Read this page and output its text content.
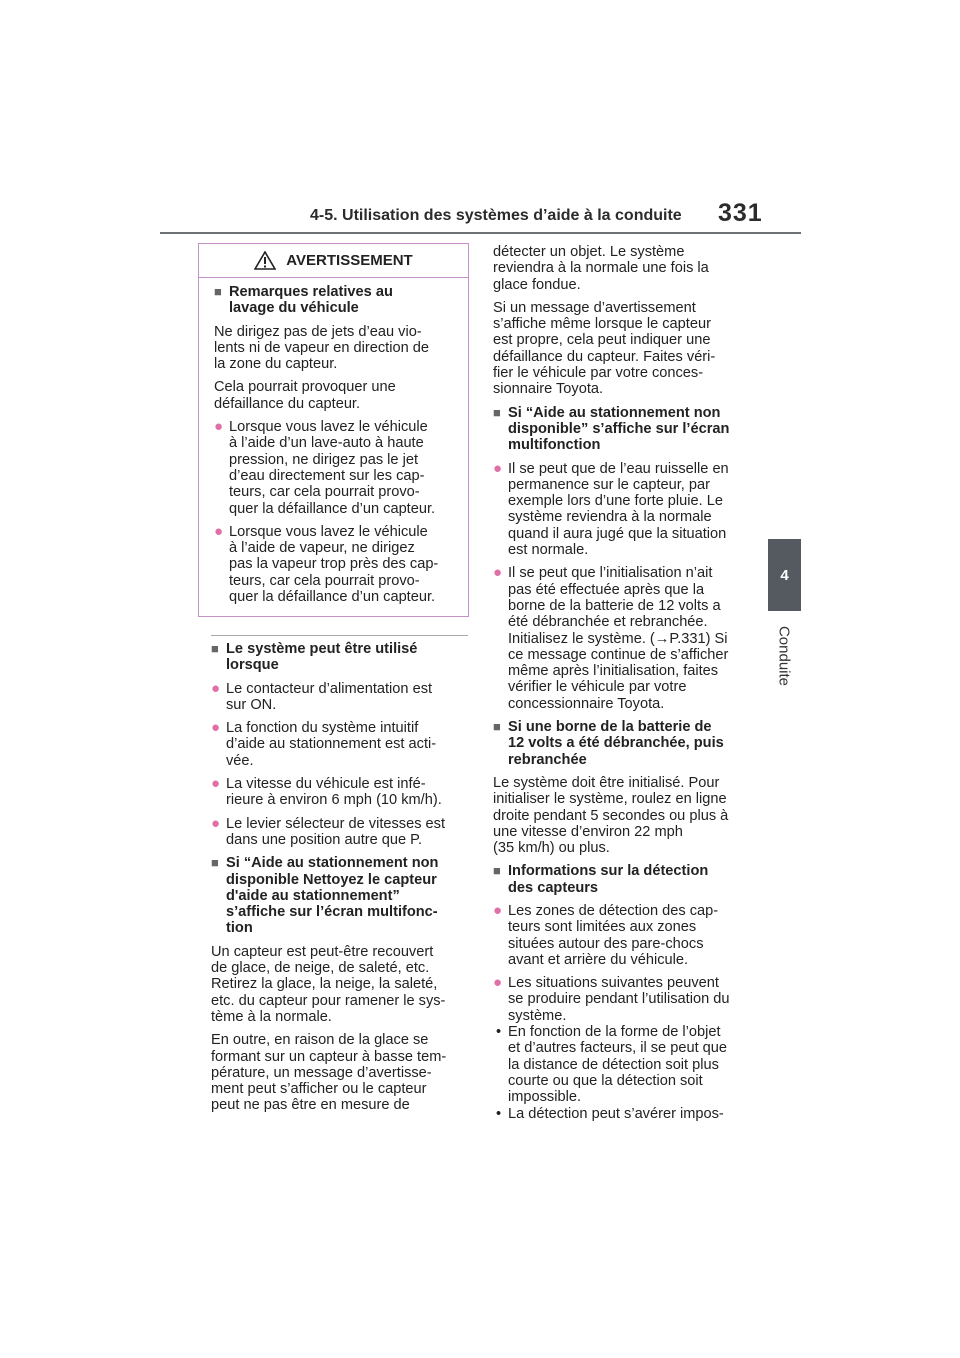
4-5. Utilisation des systèmes d’aide à la conduite 331
4
Conduite
AVERTISSEMENT
■ Remarques relatives au
lavage du véhicule
Ne dirigez pas de jets d’eau vio-
lents ni de vapeur en direction de
la zone du capteur.
Cela pourrait provoquer une
défaillance du capteur.
● Lorsque vous lavez le véhicule
à l’aide d’un lave-auto à haute
pression, ne dirigez pas le jet
d’eau directement sur les cap-
teurs, car cela pourrait provo-
quer la défaillance d’un capteur.
● Lorsque vous lavez le véhicule
à l’aide de vapeur, ne dirigez
pas la vapeur trop près des cap-
teurs, car cela pourrait provo-
quer la défaillance d’un capteur.
■ Le système peut être utilisé
lorsque
● Le contacteur d’alimentation est
sur ON.
● La fonction du système intuitif
d’aide au stationnement est acti-
vée.
● La vitesse du véhicule est infé-
rieure à environ 6 mph (10 km/h).
● Le levier sélecteur de vitesses est
dans une position autre que P.
■ Si “Aide au stationnement non
disponible Nettoyez le capteur
d'aide au stationnement”
s’affiche sur l’écran multifonc-
tion
Un capteur est peut-être recouvert
de glace, de neige, de saleté, etc.
Retirez la glace, la neige, la saleté,
etc. du capteur pour ramener le sys-
tème à la normale.
En outre, en raison de la glace se
formant sur un capteur à basse tem-
pérature, un message d’avertisse-
ment peut s’afficher ou le capteur
peut ne pas être en mesure de
détecter un objet. Le système
reviendra à la normale une fois la
glace fondue.
Si un message d’avertissement
s’affiche même lorsque le capteur
est propre, cela peut indiquer une
défaillance du capteur. Faites véri-
fier le véhicule par votre conces-
sionnaire Toyota.
■ Si “Aide au stationnement non
disponible” s’affiche sur l’écran
multifonction
● Il se peut que de l’eau ruisselle en
permanence sur le capteur, par
exemple lors d’une forte pluie. Le
système reviendra à la normale
quand il aura jugé que la situation
est normale.
● Il se peut que l’initialisation n’ait
pas été effectuée après que la
borne de la batterie de 12 volts a
été débranchée et rebranchée.
Initialisez le système. (→P.331) Si
ce message continue de s’afficher
même après l’initialisation, faites
vérifier le véhicule par votre
concessionnaire Toyota.
■ Si une borne de la batterie de
12 volts a été débranchée, puis
rebranchée
Le système doit être initialisé. Pour
initialiser le système, roulez en ligne
droite pendant 5 secondes ou plus à
une vitesse d’environ 22 mph
(35 km/h) ou plus.
■ Informations sur la détection
des capteurs
● Les zones de détection des cap-
teurs sont limitées aux zones
situées autour des pare-chocs
avant et arrière du véhicule.
● Les situations suivantes peuvent
se produire pendant l’utilisation du
système.
• En fonction de la forme de l’objet
et d’autres facteurs, il se peut que
la distance de détection soit plus
courte ou que la détection soit
impossible.
• La détection peut s’avérer impos-
